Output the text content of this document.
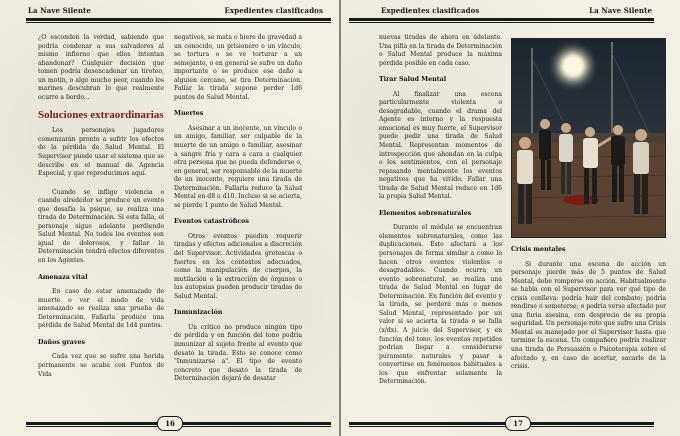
La Nave Silente	Expedientes clasificados

¿O esconden la verdad, sabiendo que podría condenar a sus salvadores al mismo infierno que ellos intentan abandonar? Cualquier decisión que tomen podría desencadenar un tiroteo, un motín, o algo mucho peor, cuando los marines descubran lo que realmente ocurre a bordo...

Soluciones extraordinarias

Los personajes jugadores comenzarán pronto a sufrir los efectos de la pérdida de Salud Mental. El Supervisor puede usar el sistema que se describe en el manual de Agencia Especial, y que reproducimos aquí.

Cuando se inflige violencia o cuando alrededor se produce un evento que desafía la psique, se realiza una tirada de Determinación. Si esta falla, el personaje sigue adelante perdiendo Salud Mental. No todos los eventos son igual de dolorosos, y fallar la Determinación tendrá efectos diferentes en los Agentes.

Amenaza vital

En caso de estar amenazado de muerte o ver el modo de vida amenazado se realiza una prueba de Determinación. Fallarla produce una pérdida de Salud Mental de 1d4 puntos.

Daños graves

Cada vez que se sufre una herida permanente se acaba con Puntos de Vida

negativos, se mata o hiere de gravedad a un conocido, un prisionero o un vínculo, se tortura o se ve torturar a un semejante, o en general se sufre un daño importante o se produce ese daño a alguien cercano, se tira Determinación. Fallar la tirada supone perder 1d6 puntos de Salud Mental.

Muertes

Asesinar a un inocente, un vínculo o un amigo, familiar, ser culpable de la muerte de un amigo o familiar, asesinar a sangre fría y cara a cara a cualquier otra persona que no pueda defenderse o, en general, ser responsable de la muerte de un inocente, requiere una tirada de Determinación. Fallarla reduce la Salud Mental en d8 o d10. Incluso si se acierta, se pierde 1 punto de Salud Mental.

Eventos catastróficos

Otros eventos pueden requerir tiradas y efectos adicionales a discreción del Supervisor. Actividades grotescas o fuertes en los contextos adecuados, como la manipulación de cuerpos, la mutilación o la extracción de órganos o las autopsias pueden producir tiradas de Salud Mental.

Inmunización

Un crítico no produce ningún tipo de pérdida y en función del tono podría inmunizar al sujeto frente al evento que desató la tirada. Esto se conoce como "Inmunizarse a". El tipo de evento concreto que desató la tirada de Determinación dejará de desatar

16
Expedientes clasificados	La Nave Silente

nuevas tiradas de ahora en adelante. Una pifia en la tirada de Determinación o Salud Mental produce la máxima pérdida posible en cada caso.

Tirar Salud Mental

Al finalizar una escena particularmente violenta o desagradable, cuando el drama del Agente es interno y la respuesta emocional es muy fuerte, el Supervisor puede pedir una tirada de Salud Mental. Representan momentos de introspección que ahondan en la culpa o los sentimientos, con el personaje repasando mentalmente los eventos negativos que ha vivido. Fallar una tirada de Salud Mental reduce en 1d6 la propia Salud Mental.

Elementos sobrenaturales

Durante el módulo se encuentran elementos sobrenaturales, como las duplicaciones. Esto afectará a los personajes de forma similar a como lo hacen otros eventos violentos o desagradables. Cuando ocurra un evento sobrenatural, se realiza una tirada de Salud Mental en lugar de Determinación. En función del evento y la tirada, se perderá más o menos Salud Mental, representado por un valor si se acierta la tirada o se falla (x/dx). A juicio del Supervisor, y en función del tono, los eventos repetidos podrían llegar a considerarse puramente naturales y pasar a convertirse en fenómenos habituales a los que enfrentar solamente la Determinación.

Crisis mentales

Si durante una escena de acción un personaje pierde más de 5 puntos de Salud Mental, debe romperse en acción. Habitualmente se habla con el Supervisor para ver qué tipo de crisis conlleva: podría huir del combate; podría rendirse o someterse; o podría verse afectado por una furia asesina, con desprecio de su propia seguridad. Un personaje roto que sufre una Crisis Mental es manejado por el Supervisor hasta que termine la escena. Un compañero podría realizar una tirada de Persuasión o Psicoterapia sobre el afectado y, en caso de acertar, sacarle de la crisis.

17
